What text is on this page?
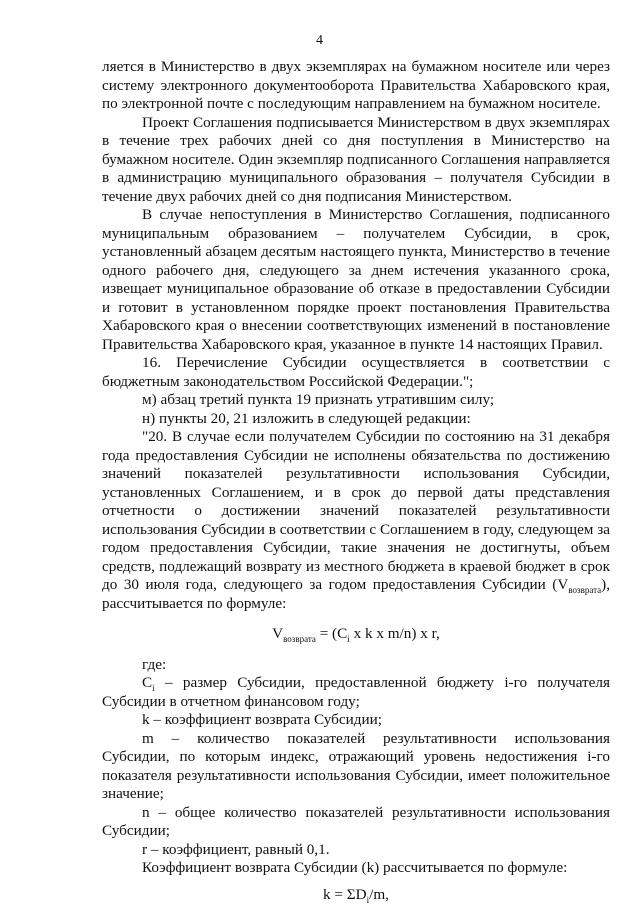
4

ляется в Министерство в двух экземплярах на бумажном носителе или через систему электронного документооборота Правительства Хабаровского края, по электронной почте с последующим направлением на бумажном носителе.

Проект Соглашения подписывается Министерством в двух экземплярах в течение трех рабочих дней со дня поступления в Министерство на бумажном носителе. Один экземпляр подписанного Соглашения направляется в администрацию муниципального образования – получателя Субсидии в течение двух рабочих дней со дня подписания Министерством.

В случае непоступления в Министерство Соглашения, подписанного муниципальным образованием – получателем Субсидии, в срок, установленный абзацем десятым настоящего пункта, Министерство в течение одного рабочего дня, следующего за днем истечения указанного срока, извещает муниципальное образование об отказе в предоставлении Субсидии и готовит в установленном порядке проект постановления Правительства Хабаровского края о внесении соответствующих изменений в постановление Правительства Хабаровского края, указанное в пункте 14 настоящих Правил.

16. Перечисление Субсидии осуществляется в соответствии с бюджетным законодательством Российской Федерации.";

м) абзац третий пункта 19 признать утратившим силу;

н) пункты 20, 21 изложить в следующей редакции:

"20. В случае если получателем Субсидии по состоянию на 31 декабря года предоставления Субсидии не исполнены обязательства по достижению значений показателей результативности использования Субсидии, установленных Соглашением, и в срок до первой даты представления отчетности о достижении значений показателей результативности использования Субсидии в соответствии с Соглашением в году, следующем за годом предоставления Субсидии, такие значения не достигнуты, объем средств, подлежащий возврату из местного бюджета в краевой бюджет в срок до 30 июля года, следующего за годом предоставления Субсидии $(V_{возврата})$, рассчитывается по формуле:

$V_{возврата} = (C_i$ x k x m/n) x r,

где:

$C_i$ – размер Субсидии, предоставленной бюджету i-го получателя Субсидии в отчетном финансовом году;

k – коэффициент возврата Субсидии;

m – количество показателей результативности использования Субсидии, по которым индекс, отражающий уровень недостижения i-го показателя результативности использования Субсидии, имеет положительное значение;

n – общее количество показателей результативности использования Субсидии;

r – коэффициент, равный 0,1.

Коэффициент возврата Субсидии (k) рассчитывается по формуле:

$k = \Sigma D_i/m$,
